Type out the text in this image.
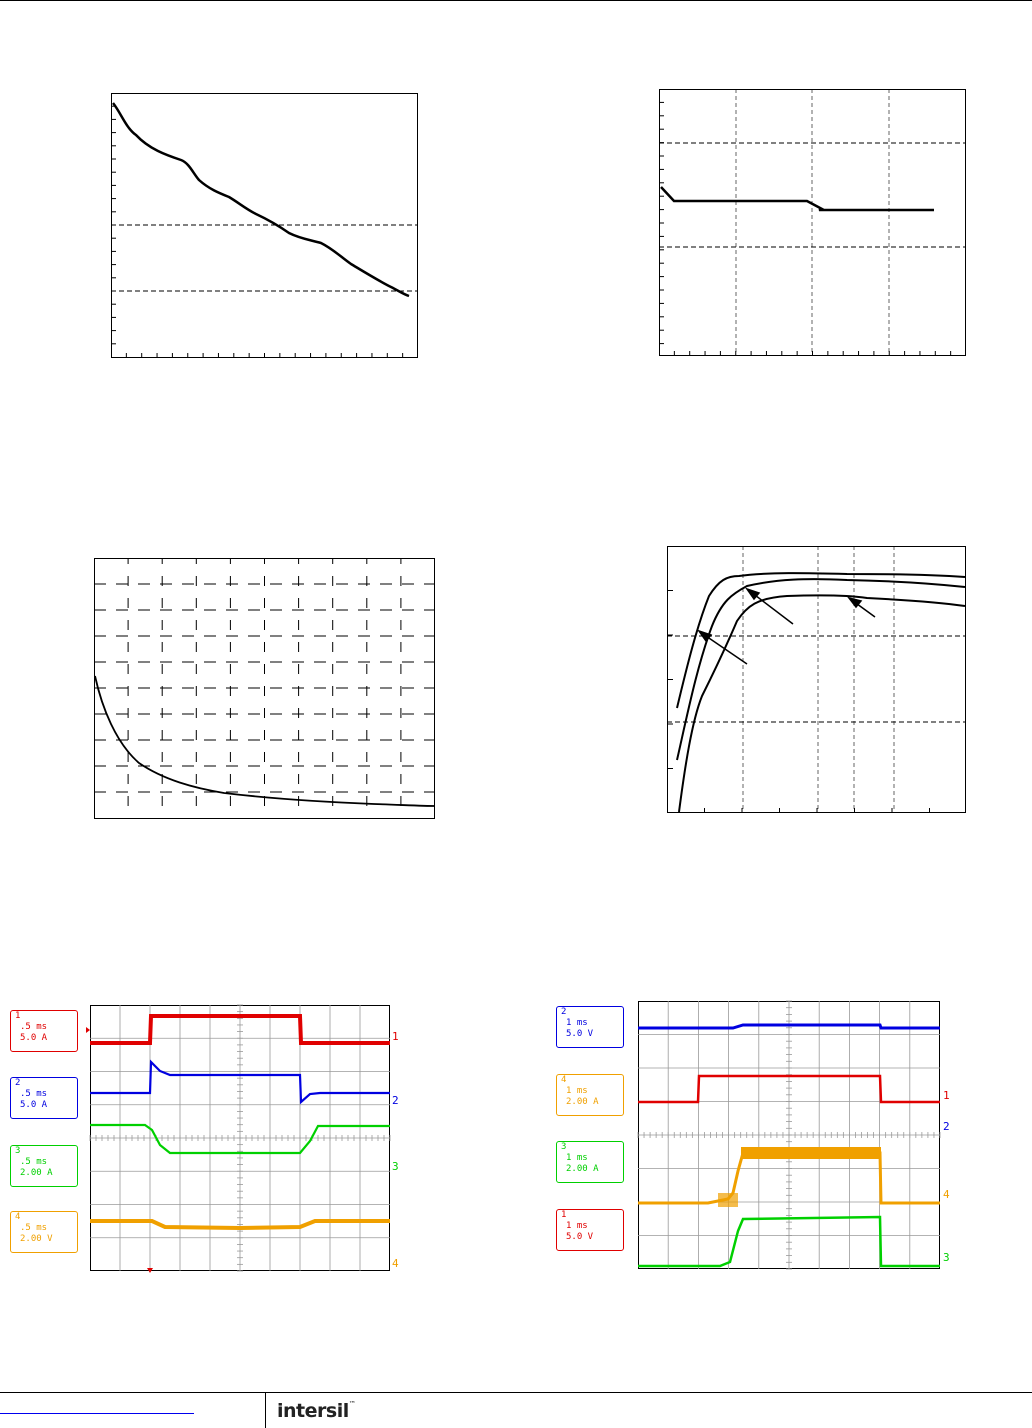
1
.5 ms
5.0 A
2
.5 ms
5.0 A
3
.5 ms
2.00 A
4
.5 ms
2.00 V
1
2
3
4
2
1 ms
5.0 V
4
1 ms
2.00 A
3
1 ms
2.00 A
1
1 ms
5.0 V
1
2
4
3
intersil™
